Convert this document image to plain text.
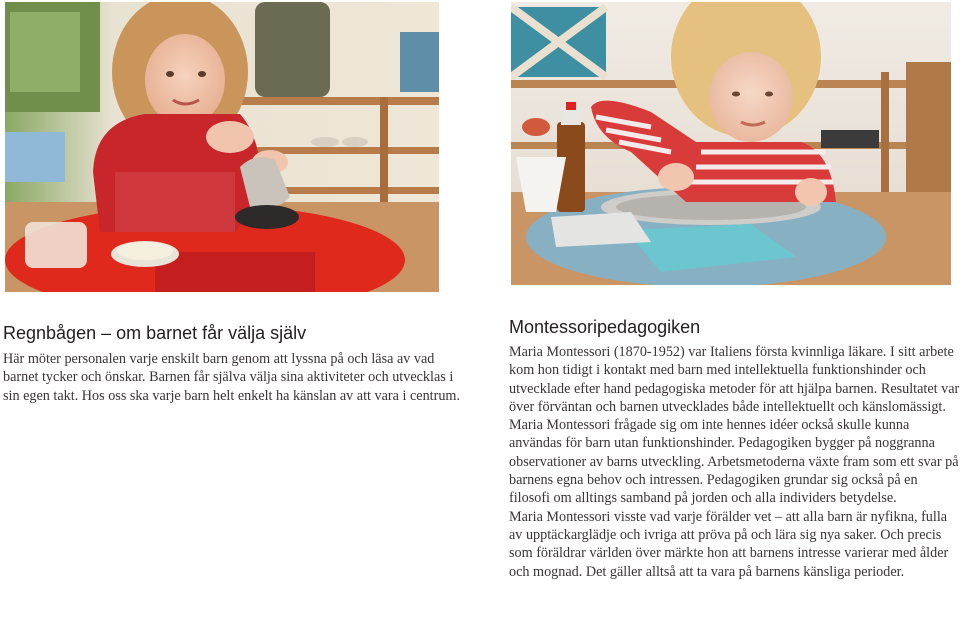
Regnbågen – om barnet får välja själv

Här möter personalen varje enskilt barn genom att lyssna på och läsa av vad barnet tycker och önskar. Barnen får själva välja sina aktiviteter och utvecklas i sin egen takt. Hos oss ska varje barn helt enkelt ha känslan av att vara i centrum.

Montessoripedagogiken

Maria Montessori (1870-1952) var Italiens första kvinnliga läkare. I sitt arbete kom hon tidigt i kontakt med barn med intellektuella funktionshinder och utvecklade efter hand pedagogiska metoder för att hjälpa barnen. Resultatet var över förväntan och barnen utvecklades både intellektuellt och känslomässigt. Maria Montessori frågade sig om inte hennes idéer också skulle kunna användas för barn utan funktionshinder. Pedagogiken bygger på noggranna observationer av barns utveckling. Arbetsmetoderna växte fram som ett svar på barnens egna behov och intressen. Pedagogiken grundar sig också på en filosofi om alltings samband på jorden och alla individers betydelse.

Maria Montessori visste vad varje förälder vet – att alla barn är nyfikna, fulla av upptäckarglädje och ivriga att pröva på och lära sig nya saker. Och precis som föräldrar världen över märkte hon att barnens intresse varierar med ålder och mognad. Det gäller alltså att ta vara på barnens känsliga perioder.
